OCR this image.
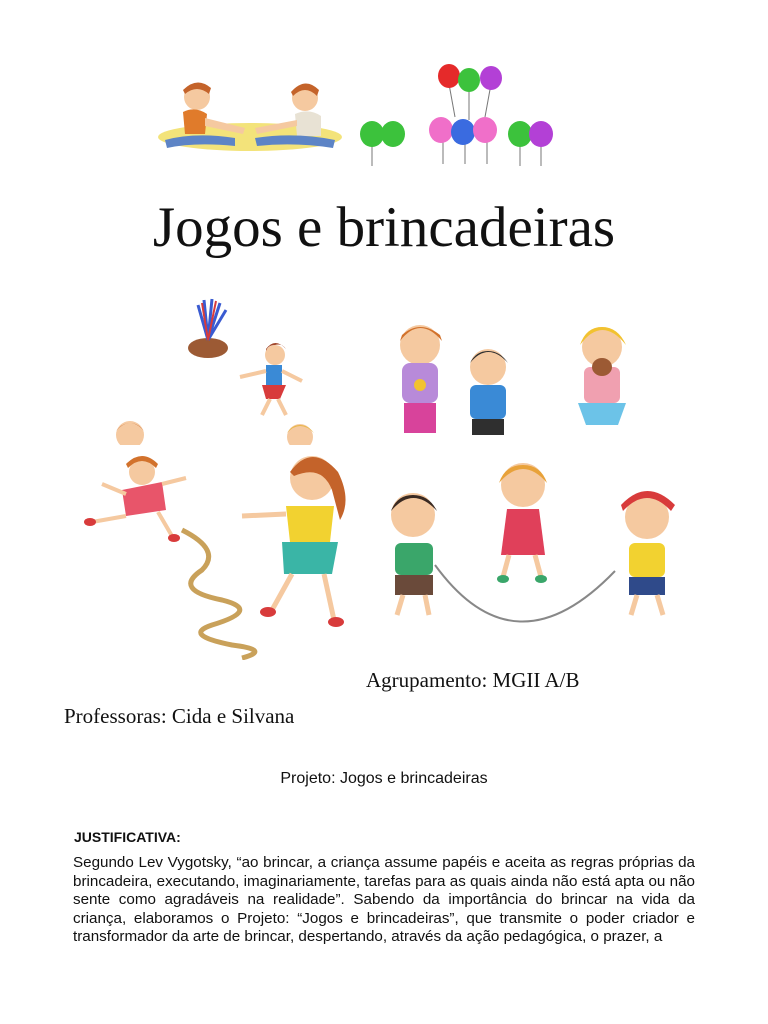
Jogos e brincadeiras
Agrupamento: MGII A/B
Professoras: Cida e Silvana
Projeto: Jogos e brincadeiras
JUSTIFICATIVA:
Segundo Lev Vygotsky, “ao brincar, a criança assume papéis e aceita as regras próprias da brincadeira, executando, imaginariamente, tarefas para as quais ainda não está apta ou não sente como agradáveis na realidade”. Sabendo da importância do brincar na vida da criança, elaboramos o Projeto: “Jogos e brincadeiras”, que transmite o poder criador e transformador da arte de brincar, despertando, através da ação pedagógica, o prazer, a
